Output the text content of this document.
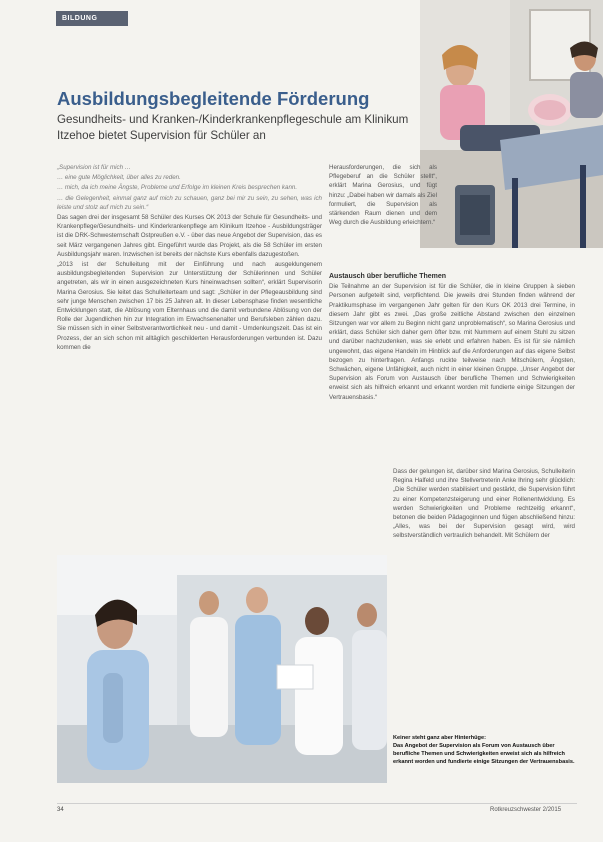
BILDUNG
Ausbildungsbegleitende Förderung

Gesundheits- und Kranken-/Kinderkrankenpflegeschule am Klinikum Itzehoe bietet Supervision für Schüler an

„Supervision ist für mich …

… eine gute Möglichkeit, über alles zu reden.

… mich, da ich meine Ängste, Probleme und Erfolge im kleinen Kreis besprechen kann.

… die Gelegenheit, einmal ganz auf mich zu schauen, ganz bei mir zu sein, zu sehen, was ich leiste und stolz auf mich zu sein.“

Das sagen drei der insgesamt 58 Schüler des Kurses OK 2013 der Schule für Gesundheits- und Krankenpflege/Gesundheits- und Kinderkrankenpflege am Klinikum Itzehoe - Ausbildungsträger ist die DRK-Schwesternschaft Ostpreußen e.V. - über das neue Angebot der Supervision, das es seit März vergangenen Jahres gibt. Eingeführt wurde das Projekt, als die 58 Schüler im ersten Ausbildungsjahr waren. Inzwischen ist bereits der nächste Kurs ebenfalls dazugestoßen.

„2013 ist der Schulleitung mit der Einführung und nach ausgeklungenem ausbildungsbegleitenden Supervision zur Unterstützung der Schülerinnen und Schüler angetreten, als wir in einen ausgezeichneten Kurs hineinwachsen sollten“, erklärt Supervisorin Marina Gerosius. Sie leitet das Schulleiterteam und sagt: „Schüler in der Pflegeausbildung sind sehr junge Menschen zwischen 17 bis 25 Jahren alt. In dieser Lebensphase finden wesentliche Entwicklungen statt, die Ablösung vom Elternhaus und die damit verbundene Ablösung von der Rolle der Jugendlichen hin zur Integration im Erwachsenenalter und Berufsleben zählen dazu. Sie müssen sich in einer Selbstverantwortlichkeit neu - und damit - Umdenkungszeit. Das ist ein Prozess, der an sich schon mit alltäglich geschilderten Herausforderungen verbunden ist. Dazu kommen die

Herausforderungen, die sich als Pflegeberuf an die Schüler stellt“, erklärt Marina Gerosius, und fügt hinzu: „Dabei haben wir damals als Ziel formuliert, die Supervision als stärkenden Raum dienen und dem Weg durch die Ausbildung erleichtern.“

Austausch über berufliche Themen

Die Teilnahme an der Supervision ist für die Schüler, die in kleine Gruppen à sieben Personen aufgeteilt sind, verpflichtend. Die jeweils drei Stunden finden während der Praktikumsphase im vergangenen Jahr gelten für den Kurs OK 2013 drei Termine, in diesem Jahr gibt es zwei. „Das große zeitliche Abstand zwischen den einzelnen Sitzungen war vor allem zu Beginn nicht ganz unproblematisch“, so Marina Gerosius und erklärt, dass Schüler sich daher gern öfter bzw. mit Nummern auf einem Stuhl zu sitzen und darüber nachzudenken, was sie erlebt und erfahren haben. Es ist für sie nämlich ungewohnt, das eigene Handeln im Hinblick auf die Anforderungen auf das eigene Selbst bezogen zu hinterfragen. Anfangs ruckte teilweise nach Mitschülern, Ängsten, Schwächen, eigene Unfähigkeit, auch nicht in einer kleinen Gruppe. „Unser Angebot der Supervision als Forum von Austausch über berufliche Themen und Schwierigkeiten erweist sich als hilfreich erkannt und erkannt worden mit fundierte einige Sitzungen der Vertrauensbasis.“

Dass der gelungen ist, darüber sind Marina Gerosius, Schulleiterin Regina Halfeld und ihre Stellvertreterin Anke Ihring sehr glücklich: „Die Schüler werden stabilisiert und gestärkt, die Supervision führt zu einer Kompetenzsteigerung und einer Rollenentwicklung. Es werden Schwierigkeiten und Probleme rechtzeitig erkannt“, betonen die beiden Pädagoginnen und fügen abschließend hinzu: „Alles, was bei der Supervision gesagt wird, wird selbstverständlich vertraulich behandelt. Mit Schülern der

Keiner steht ganz aber Hinterhüge:
Das Angebot der Supervision als Forum von Austausch über berufliche Themen und Schwierigkeiten erweist sich als hilfreich erkannt worden und fundierte einige Sitzungen der Vertrauensbasis.
34	Rotkreuzschwester 2/2015
